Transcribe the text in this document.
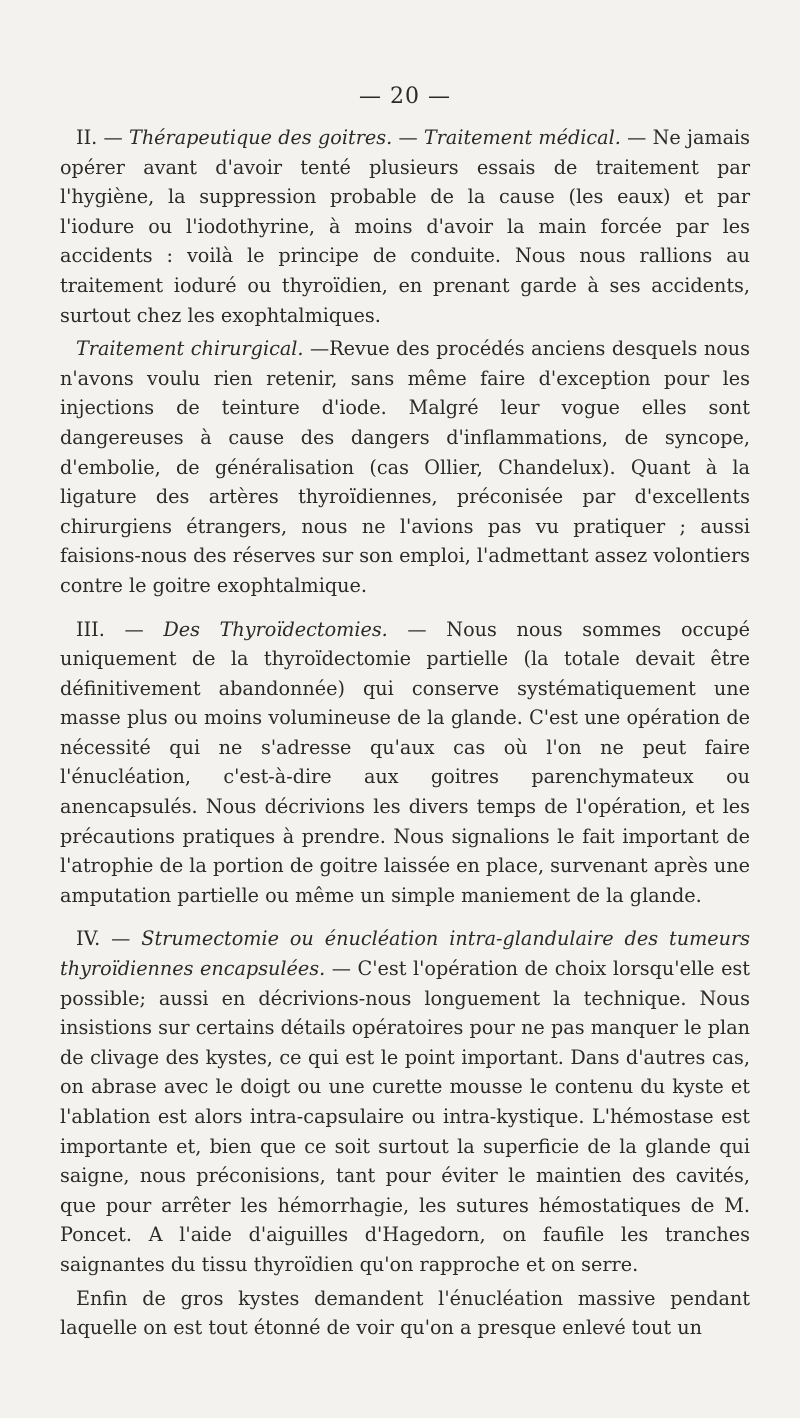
— 20 —

II. — Thérapeutique des goitres. — Traitement médical. — Ne jamais opérer avant d'avoir tenté plusieurs essais de traitement par l'hygiène, la suppression probable de la cause (les eaux) et par l'iodure ou l'iodothyrine, à moins d'avoir la main forcée par les accidents : voilà le principe de conduite. Nous nous rallions au traitement ioduré ou thyroïdien, en prenant garde à ses accidents, surtout chez les exophtalmiques.

Traitement chirurgical. —Revue des procédés anciens desquels nous n'avons voulu rien retenir, sans même faire d'exception pour les injections de teinture d'iode. Malgré leur vogue elles sont dangereuses à cause des dangers d'inflammations, de syncope, d'embolie, de généralisation (cas Ollier, Chandelux). Quant à la ligature des artères thyroïdiennes, préconisée par d'excellents chirurgiens étrangers, nous ne l'avions pas vu pratiquer ; aussi faisions-nous des réserves sur son emploi, l'admettant assez volontiers contre le goitre exophtalmique.

III. — Des Thyroïdectomies. — Nous nous sommes occupé uniquement de la thyroïdectomie partielle (la totale devait être définitivement abandonnée) qui conserve systématiquement une masse plus ou moins volumineuse de la glande. C'est une opération de nécessité qui ne s'adresse qu'aux cas où l'on ne peut faire l'énucléation, c'est-à-dire aux goitres parenchymateux ou anencapsulés. Nous décrivions les divers temps de l'opération, et les précautions pratiques à prendre. Nous signalions le fait important de l'atrophie de la portion de goitre laissée en place, survenant après une amputation partielle ou même un simple maniement de la glande.

IV. — Strumectomie ou énucléation intra-glandulaire des tumeurs thyroïdiennes encapsulées. — C'est l'opération de choix lorsqu'elle est possible; aussi en décrivions-nous longuement la technique. Nous insistions sur certains détails opératoires pour ne pas manquer le plan de clivage des kystes, ce qui est le point important. Dans d'autres cas, on abrase avec le doigt ou une curette mousse le contenu du kyste et l'ablation est alors intra-capsulaire ou intra-kystique. L'hémostase est importante et, bien que ce soit surtout la superficie de la glande qui saigne, nous préconisions, tant pour éviter le maintien des cavités, que pour arrêter les hémorrhagie, les sutures hémostatiques de M. Poncet. A l'aide d'aiguilles d'Hagedorn, on faufile les tranches saignantes du tissu thyroïdien qu'on rapproche et on serre.

Enfin de gros kystes demandent l'énucléation massive pendant laquelle on est tout étonné de voir qu'on a presque enlevé tout un
